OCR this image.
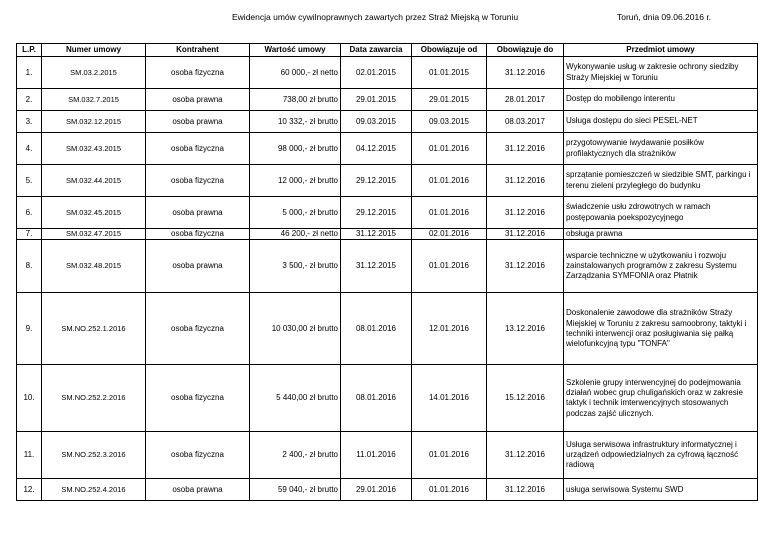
Ewidencja umów cywilnoprawnych zawartych przez Straż Miejską w Toruniu	Toruń, dnia 09.06.2016 r.
L.P.	Numer umowy	Kontrahent	Wartość umowy	Data zawarcia	Obowiązuje od	Obowiązuje do	Przedmiot umowy
1.	SM.03.2.2015	osoba fizyczna	60 000,- zł netto	02.01.2015	01.01.2015	31.12.2016	Wykonywanie usług w zakresie ochrony siedziby Straży Miejskiej w Toruniu
2.	SM.032.7.2015	osoba prawna	738,00 zł brutto	29.01.2015	29.01.2015	28.01.2017	Dostęp do mobilengo interentu
3.	SM.032.12.2015	osoba prawna	10 332,- zł brutto	09.03.2015	09.03.2015	08.03.2017	Usługa dostępu do sieci PESEL-NET
4.	SM.032.43.2015	osoba fizyczna	98 000,- zł brutto	04.12.2015	01.01.2016	31.12.2016	przygotowywanie iwydawanie posiłków profilaktycznych dla strażników
5.	SM.032.44.2015	osoba fizyczna	12 000,- zł brutto	29.12.2015	01.01.2016	31.12.2016	sprzątanie pomieszczeń w siedzibie SMT, parkingu i terenu zieleni przyległego do budynku
6.	SM.032.45.2015	osoba prawna	5 000,- zł brutto	29.12.2015	01.01.2016	31.12.2016	świadczenie usłu zdrowotnych w ramach postępowania poekspozycyjnego
7.	SM.032.47.2015	osoba fizyczna	46 200,- zł netto	31.12.2015	02.01.2016	31.12.2016	obsługa prawna
8.	SM.032.48.2015	osoba prawna	3 500,- zł brutto	31.12.2015	01.01.2016	31.12.2016	wsparcie techniczne w użytkowaniu i rozwoju zainstalowanych programów z zakresu Systemu Zarządzania SYMFONIA oraz Płatnik
9.	SM.NO.252.1.2016	osoba fizyczna	10 030,00 zł brutto	08.01.2016	12.01.2016	13.12.2016	Doskonalenie zawodowe dla strażników Straży Miejskiej w Toruniu z zakresu samoobrony, taktyki i techniki interwencji oraz posługiwania się pałką wielofunkcyjną typu "TONFA"
10.	SM.NO.252.2.2016	osoba fizyczna	5 440,00 zł brutto	08.01.2016	14.01.2016	15.12.2016	Szkolenie grupy interwencyjnej do podejmowania działań wobec grup chuligańskich oraz w zakresie taktyk i technik imterwencyjnych stosowanych podczas zajść ulicznych.
11.	SM.NO.252.3.2016	osoba fizyczna	2 400,- zł brutto	11.01.2016	01.01.2016	31.12.2016	Usługa serwisowa infrastruktury informatycznej i urządzeń odpowiedzialnych za cyfrową łączność radiową
12.	SM.NO.252.4.2016	osoba prawna	59 040,- zł brutto	29.01.2016	01.01.2016	31.12.2016	usługa serwisowa Systemu SWD
